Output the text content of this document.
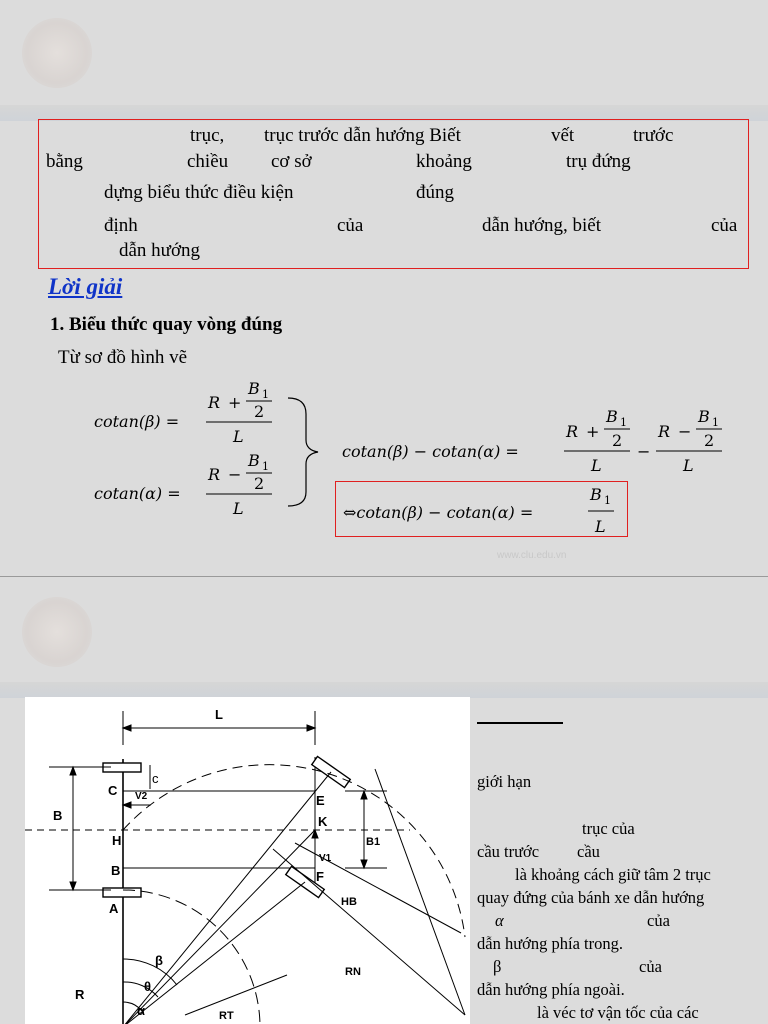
trục, trục trước dẫn hướng Biết	vết	trước
bằng	chiều cơ sở	khoảng	trụ đứng
dựng biểu thức điều kiện	đúng
định	của	dẫn hướng, biết	của
dẫn hướng
Lời giải
1. Biểu thức quay vòng đúng
Từ sơ đồ hình vẽ
cotan(β) =
R +
B 1
2
L
cotan(α) =
R −
B 1
2
L
cotan(β) − cotan(α) =
R +
B 1
2
L
−
R −
B 1
2
L
⇔cotan(β) − cotan(α) =
B 1
L
www.clu.edu.vn
L
c
C
B
H
B
A
E
K
F
V2
V1
B1
HB
RN
RT
R
β
θ
α
giới hạn
trục của
cầu trước cầu
là khoảng cách giữ tâm 2 trục
quay đứng của bánh xe dẫn hướng
α	của
dẫn hướng phía trong.
β	của
dẫn hướng phía ngoài.
là véc tơ vận tốc của các
